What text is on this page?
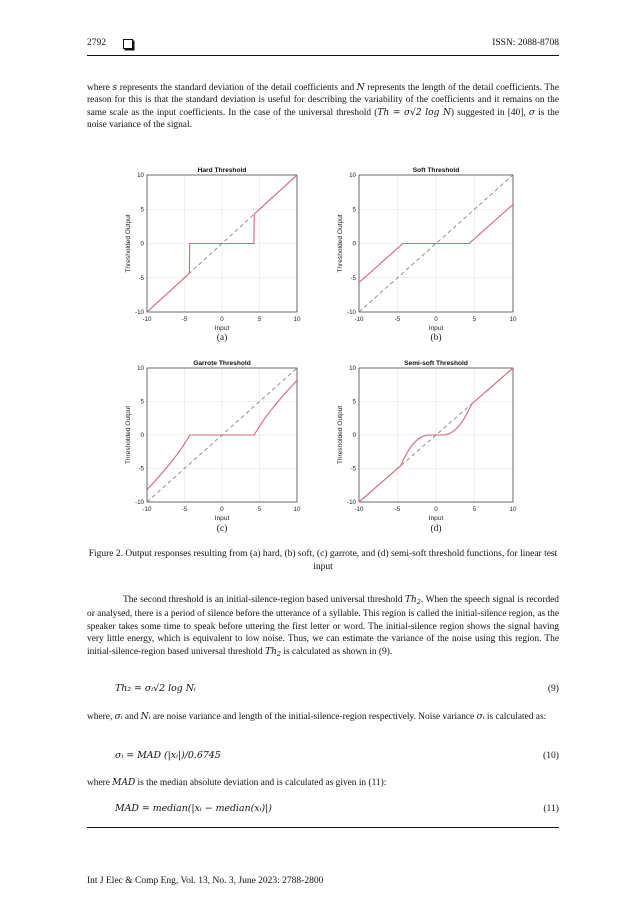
2792	ISSN: 2088-8708

where s represents the standard deviation of the detail coefficients and N represents the length of the detail coefficients. The reason for this is that the standard deviation is useful for describing the variability of the coefficients and it remains on the same scale as the input coefficients. In the case of the universal threshold (Th = σ√2 log N) suggested in [40], σ is the noise variance of the signal.

-10
-10
-5
-5
0
0
5
5
10
10
Hard Threshold
Input
Thresholded Output
(a)
-10
-10
-5
-5
0
0
5
5
10
10
Soft Threshold
Input
Thresholded Output
(b)
-10
-10
-5
-5
0
0
5
5
10
10
Garrote Threshold
Input
Thresholded Output
(c)
-10
-10
-5
-5
0
0
5
5
10
10
Semi-soft Threshold
Input
Thresholded Output
(d)

Figure 2. Output responses resulting from (a) hard, (b) soft, (c) garrote, and (d) semi-soft threshold functions, for linear test input

The second threshold is an initial-silence-region based universal threshold $Th_2$. When the speech signal is recorded or analysed, there is a period of silence before the utterance of a syllable. This region is called the initial-silence region, as the speaker takes some time to speak before uttering the first letter or word. The initial-silence region shows the signal having very little energy, which is equivalent to low noise. Thus, we can estimate the variance of the noise using this region. The initial-silence-region based universal threshold $Th_2$ is calculated as shown in (9).

Th₂ = σᵢ√2 log Nᵢ	(9)

where, σᵢ and Nᵢ are noise variance and length of the initial-silence-region respectively. Noise variance σᵢ is calculated as:

σᵢ = MAD (|xᵢ|)/0.6745	(10)

where MAD is the median absolute deviation and is calculated as given in (11):

MAD = median(|xᵢ − median(xᵢ)|)	(11)
Int J Elec & Comp Eng, Vol. 13, No. 3, June 2023: 2788-2800
